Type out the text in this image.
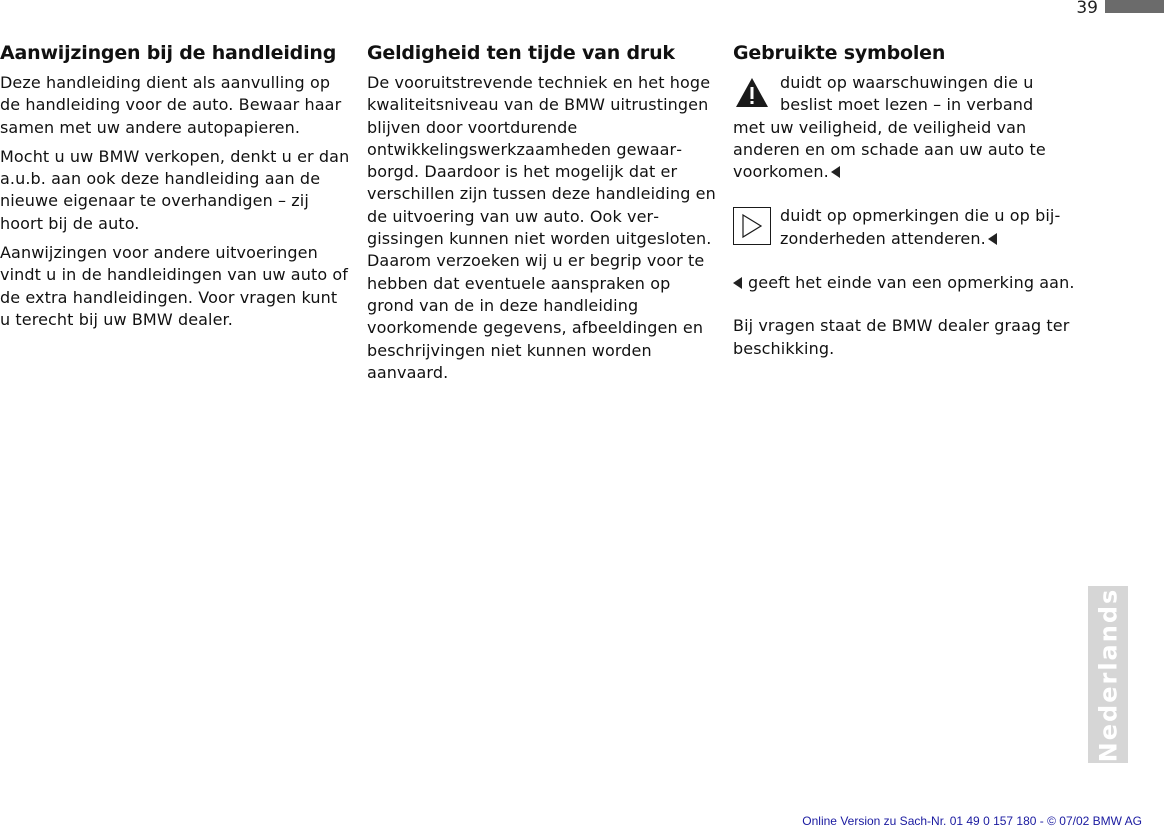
39
Aanwijzingen bij de handleiding

Deze handleiding dient als aanvulling op de handleiding voor de auto. Bewaar haar samen met uw andere autopapieren.

Mocht u uw BMW verkopen, denkt u er dan a.u.b. aan ook deze handleiding aan de nieuwe eigenaar te overhandigen – zij hoort bij de auto.

Aanwijzingen voor andere uitvoeringen vindt u in de handleidingen van uw auto of de extra handleidingen. Voor vragen kunt u terecht bij uw BMW dealer.

Geldigheid ten tijde van druk

De vooruitstrevende techniek en het hoge kwaliteitsniveau van de BMW uitrustingen blijven door voortdurende ontwikkelingswerkzaamheden gewaarborgd. Daardoor is het mogelijk dat er verschillen zijn tussen deze handleiding en de uitvoering van uw auto. Ook vergissingen kunnen niet worden uitgesloten. Daarom verzoeken wij u er begrip voor te hebben dat eventuele aanspraken op grond van de in deze handleiding voorkomende gegevens, afbeeldingen en beschrijvingen niet kunnen worden aanvaard.

Gebruikte symbolen

duidt op waarschuwingen die u

beslist moet lezen – in verband

met uw veiligheid, de veiligheid van anderen en om schade aan uw auto te voorkomen.

duidt op opmerkingen die u op bij-

zonderheden attenderen.

geeft het einde van een opmerking aan.

Bij vragen staat de BMW dealer graag ter beschikking.

Nederlands
Online Version zu Sach-Nr. 01 49 0 157 180 - © 07/02 BMW AG
